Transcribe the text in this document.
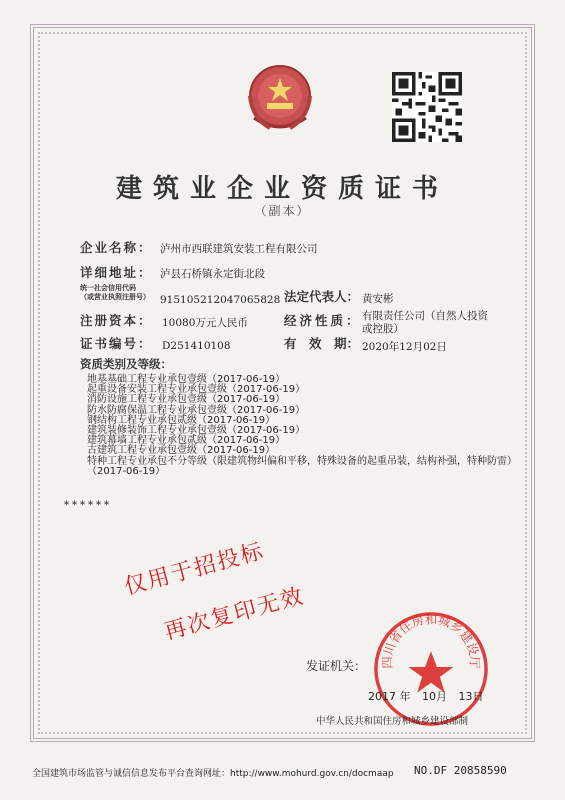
建筑业企业资质证书
（副本）
企业名称： 泸州市西联建筑安装工程有限公司
详细地址： 泸县石桥镇永定街北段
统一社会信用代码
（或营业执照注册号） 915105212047065828 法定代表人： 黄安彬
注册资本： 10080万元人民币	经济性质： 有限责任公司（自然人投资
或控股）
证书编号： D251410108	有　效　期： 2020年12月02日
资质类别及等级：
地基基础工程专业承包壹级（2017-06-19）
起重设备安装工程专业承包壹级（2017-06-19）
消防设施工程专业承包壹级（2017-06-19）
防水防腐保温工程专业承包壹级（2017-06-19）
钢结构工程专业承包贰级（2017-06-19）
建筑装修装饰工程专业承包壹级（2017-06-19）
建筑幕墙工程专业承包贰级（2017-06-19）
古建筑工程专业承包壹级（2017-06-19）
特种工程专业承包不分等级（限建筑物纠偏和平移，特殊设备的起重吊装，结构补强，特种防雷）（2017-06-19）
******
仅用于招投标
再次复印无效
四川省住房和城乡建设厅
发证机关：
2017 年 10月 13日
中华人民共和国住房和城乡建设部制
全国建筑市场监管与诚信信息发布平台查询网址：http://www.mohurd.gov.cn/docmaap NO.DF 20858590
